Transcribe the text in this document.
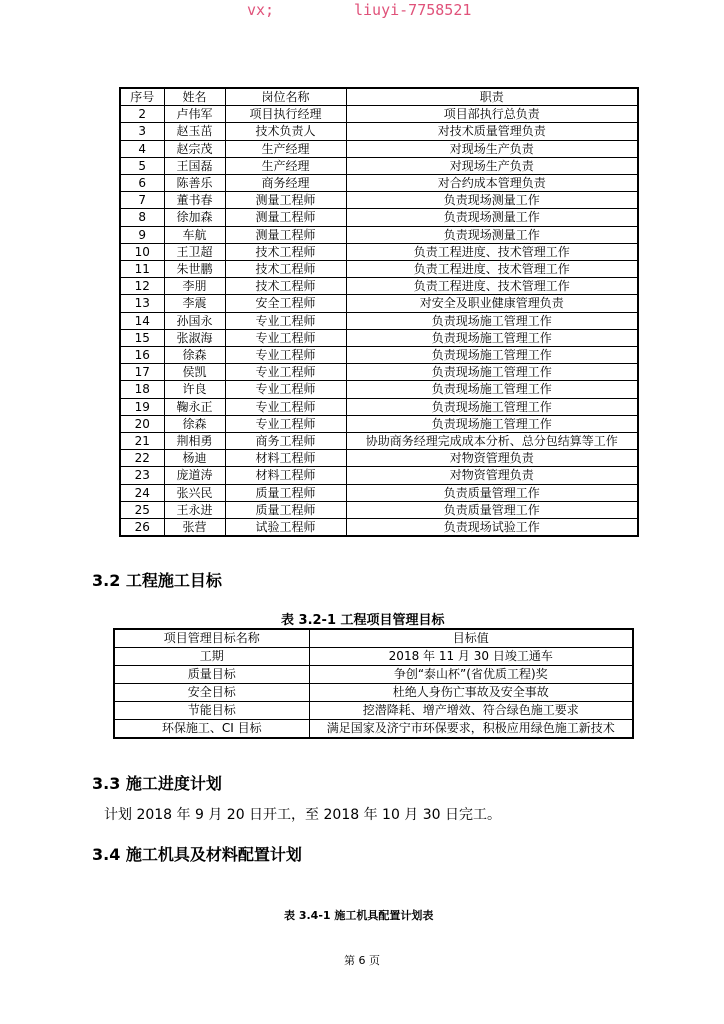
vx;	liuyi-7758521
序号	姓名	岗位名称	职责
2	卢伟军	项目执行经理	项目部执行总负责
3	赵玉茁	技术负责人	对技术质量管理负责
4	赵宗茂	生产经理	对现场生产负责
5	王国磊	生产经理	对现场生产负责
6	陈善乐	商务经理	对合约成本管理负责
7	董书春	测量工程师	负责现场测量工作
8	徐加森	测量工程师	负责现场测量工作
9	车航	测量工程师	负责现场测量工作
10	王卫超	技术工程师	负责工程进度、技术管理工作
11	朱世鹏	技术工程师	负责工程进度、技术管理工作
12	李朋	技术工程师	负责工程进度、技术管理工作
13	李震	安全工程师	对安全及职业健康管理负责
14	孙国永	专业工程师	负责现场施工管理工作
15	张淑海	专业工程师	负责现场施工管理工作
16	徐森	专业工程师	负责现场施工管理工作
17	侯凯	专业工程师	负责现场施工管理工作
18	许良	专业工程师	负责现场施工管理工作
19	鞠永正	专业工程师	负责现场施工管理工作
20	徐森	专业工程师	负责现场施工管理工作
21	荆相勇	商务工程师	协助商务经理完成成本分析、总分包结算等工作
22	杨迪	材料工程师	对物资管理负责
23	庞道涛	材料工程师	对物资管理负责
24	张兴民	质量工程师	负责质量管理工作
25	王永进	质量工程师	负责质量管理工作
26	张营	试验工程师	负责现场试验工作
3.2 工程施工目标
表 3.2-1 工程项目管理目标
项目管理目标名称	目标值
工期	2018 年 11 月 30 日竣工通车
质量目标	争创“泰山杯”(省优质工程)奖
安全目标	杜绝人身伤亡事故及安全事故
节能目标	挖潜降耗、增产增效、符合绿色施工要求
环保施工、CI 目标	满足国家及济宁市环保要求，积极应用绿色施工新技术
3.3 施工进度计划
计划 2018 年 9 月 20 日开工，至 2018 年 10 月 30 日完工。
3.4 施工机具及材料配置计划
表 3.4-1 施工机具配置计划表
第 6 页
